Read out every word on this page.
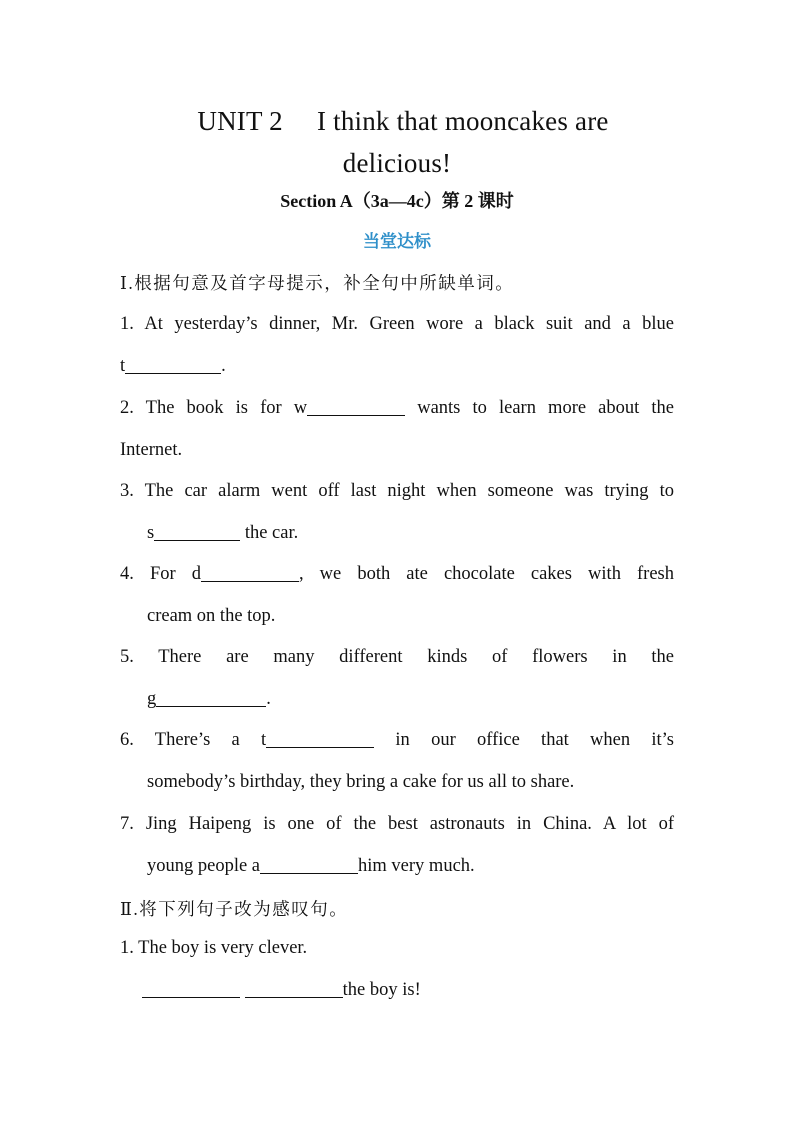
UNIT 2  I think that mooncakes are
delicious!
Section A（3a—4c）第 2 课时
当堂达标
Ⅰ.根据句意及首字母提示，补全句中所缺单词。
1. At yesterday’s dinner, Mr. Green wore a black suit and a blue
t	.
2. The book is for w	wants to learn more about the
Internet.
3. The car alarm went off last night when someone was trying to
s	the car.
4. For d	, we both ate chocolate cakes with fresh
cream on the top.
5. There are many different kinds of flowers in the
g	.
6. There’s a t	in our office that when it’s
somebody’s birthday, they bring a cake for us all to share.
7. Jing Haipeng is one of the best astronauts in China. A lot of
young people a	him very much.
Ⅱ.将下列句子改为感叹句。
1. The boy is very clever.
the boy is!
